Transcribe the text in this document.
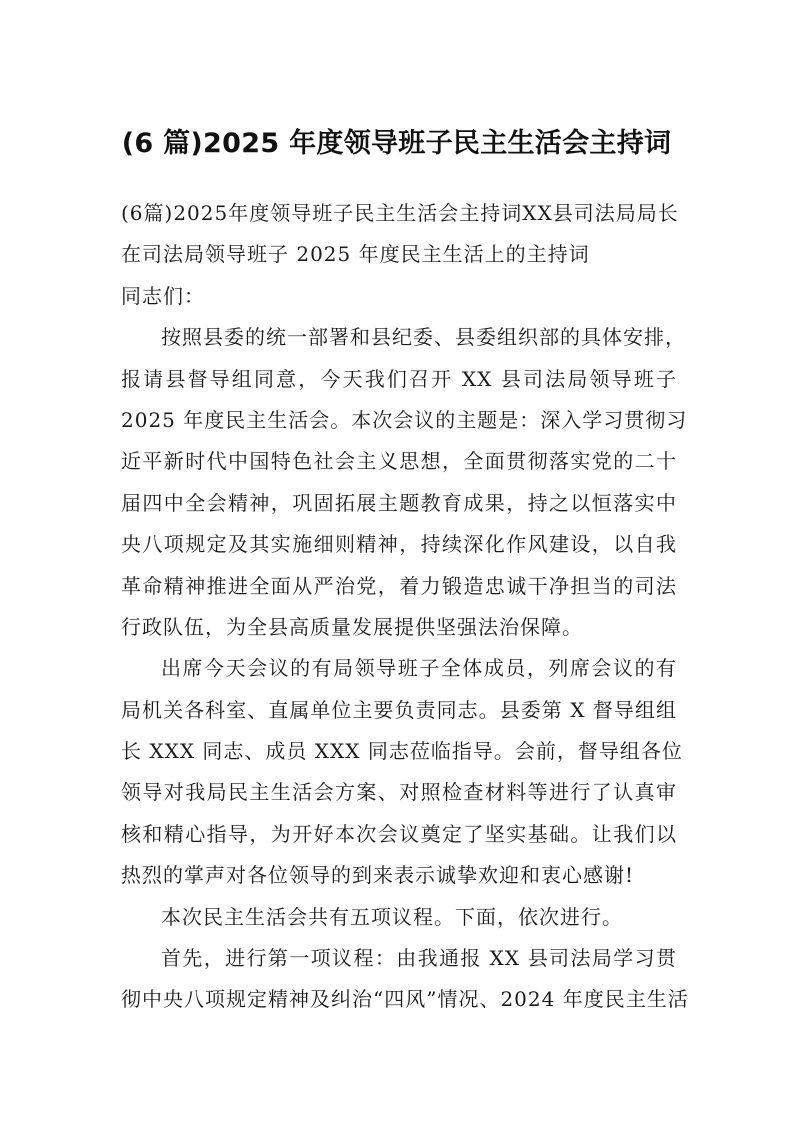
(6 篇)2025 年度领导班子民主生活会主持词
(6篇)2025年度领导班子民主生活会主持词XX县司法局局长
在司法局领导班子 2025 年度民主生活上的主持词
同志们：
按照县委的统一部署和县纪委、县委组织部的具体安排，
报请县督导组同意，今天我们召开 XX 县司法局领导班子
2025 年度民主生活会。本次会议的主题是：深入学习贯彻习
近平新时代中国特色社会主义思想，全面贯彻落实党的二十
届四中全会精神，巩固拓展主题教育成果，持之以恒落实中
央八项规定及其实施细则精神，持续深化作风建设，以自我
革命精神推进全面从严治党，着力锻造忠诚干净担当的司法
行政队伍，为全县高质量发展提供坚强法治保障。
出席今天会议的有局领导班子全体成员，列席会议的有
局机关各科室、直属单位主要负责同志。县委第 X 督导组组
长 XXX 同志、成员 XXX 同志莅临指导。会前，督导组各位
领导对我局民主生活会方案、对照检查材料等进行了认真审
核和精心指导，为开好本次会议奠定了坚实基础。让我们以
热烈的掌声对各位领导的到来表示诚挚欢迎和衷心感谢!
本次民主生活会共有五项议程。下面，依次进行。
首先，进行第一项议程：由我通报 XX 县司法局学习贯
彻中央八项规定精神及纠治“四风”情况、2024 年度民主生活
